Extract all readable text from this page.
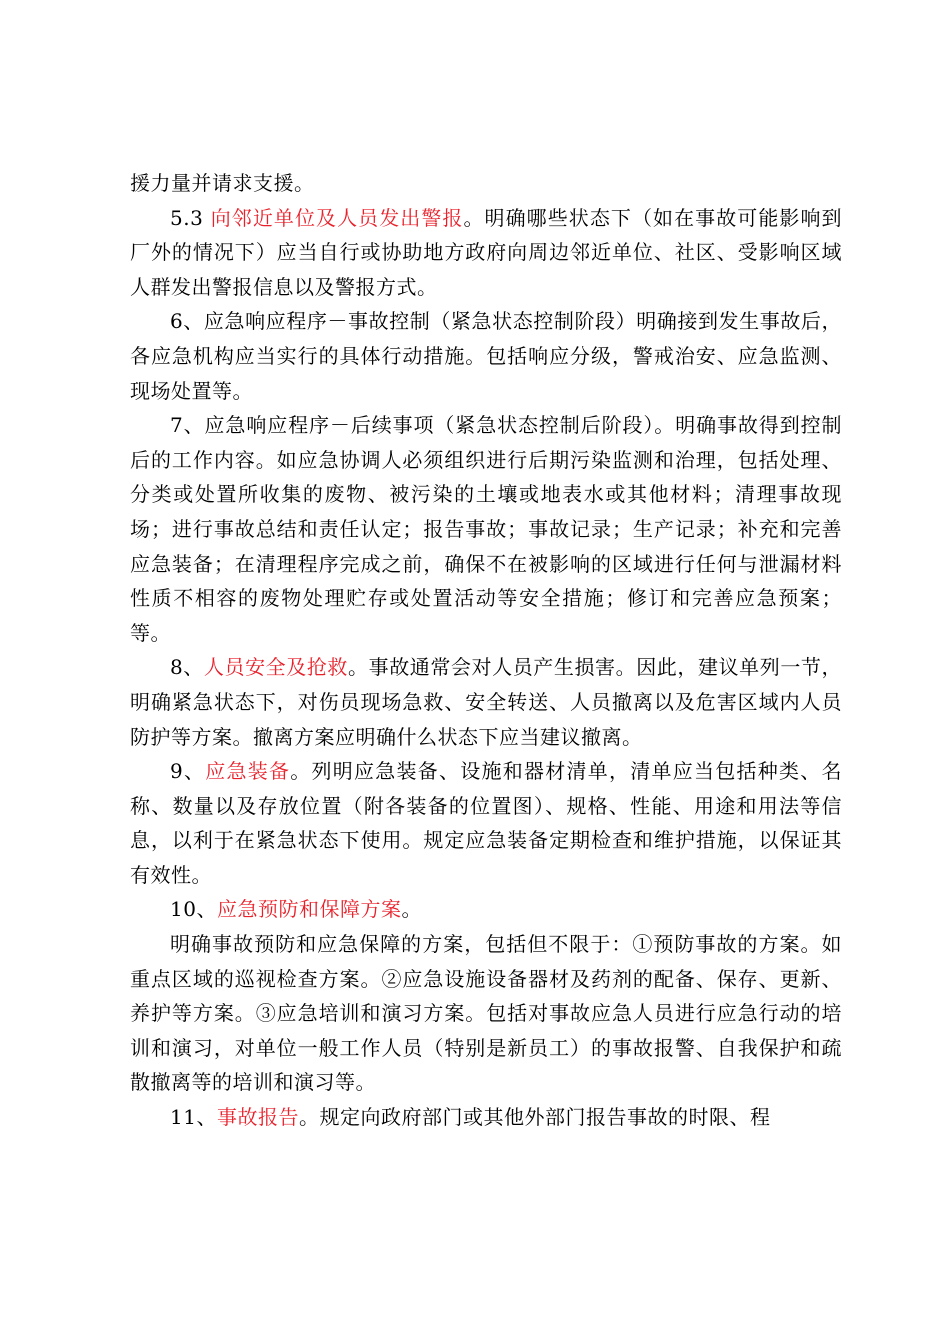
援力量并请求支援。

5.3 向邻近单位及人员发出警报。明确哪些状态下（如在事故可能影响到厂外的情况下）应当自行或协助地方政府向周边邻近单位、社区、受影响区域人群发出警报信息以及警报方式。

6、应急响应程序－事故控制（紧急状态控制阶段）明确接到发生事故后，各应急机构应当实行的具体行动措施。包括响应分级，警戒治安、应急监测、现场处置等。

7、应急响应程序－后续事项（紧急状态控制后阶段）。明确事故得到控制后的工作内容。如应急协调人必须组织进行后期污染监测和治理，包括处理、分类或处置所收集的废物、被污染的土壤或地表水或其他材料；清理事故现场；进行事故总结和责任认定；报告事故；事故记录；生产记录；补充和完善应急装备；在清理程序完成之前，确保不在被影响的区域进行任何与泄漏材料性质不相容的废物处理贮存或处置活动等安全措施；修订和完善应急预案；等。

8、人员安全及抢救。事故通常会对人员产生损害。因此，建议单列一节，明确紧急状态下，对伤员现场急救、安全转送、人员撤离以及危害区域内人员防护等方案。撤离方案应明确什么状态下应当建议撤离。

9、应急装备。列明应急装备、设施和器材清单，清单应当包括种类、名称、数量以及存放位置（附各装备的位置图）、规格、性能、用途和用法等信息，以利于在紧急状态下使用。规定应急装备定期检查和维护措施，以保证其有效性。

10、应急预防和保障方案。

明确事故预防和应急保障的方案，包括但不限于：①预防事故的方案。如重点区域的巡视检查方案。②应急设施设备器材及药剂的配备、保存、更新、养护等方案。③应急培训和演习方案。包括对事故应急人员进行应急行动的培训和演习，对单位一般工作人员（特别是新员工）的事故报警、自我保护和疏散撤离等的培训和演习等。

11、事故报告。规定向政府部门或其他外部门报告事故的时限、程
